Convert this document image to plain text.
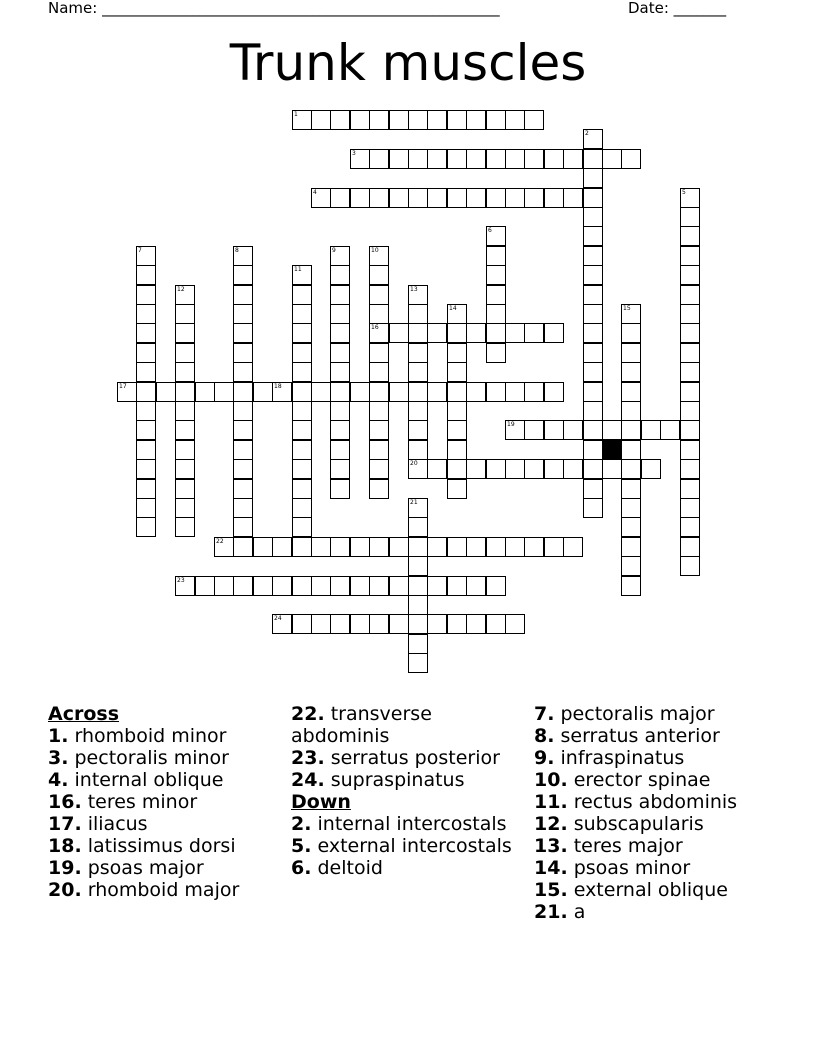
Name: _____________________________________________________	Date: _______
Trunk muscles
1
3
4
16
17	18
19
20
22
23
24
2
5
6
7	8	9	10
11
12	13
14	15
21
Across
1. rhomboid minor
3. pectoralis minor
4. internal oblique
16. teres minor
17. iliacus
18. latissimus dorsi
19. psoas major
20. rhomboid major
22. transverse abdominis
23. serratus posterior
24. supraspinatus
Down
2. internal intercostals
5. external intercostals
6. deltoid
7. pectoralis major
8. serratus anterior
9. infraspinatus
10. erector spinae
11. rectus abdominis
12. subscapularis
13. teres major
14. psoas minor
15. external oblique
21. a
